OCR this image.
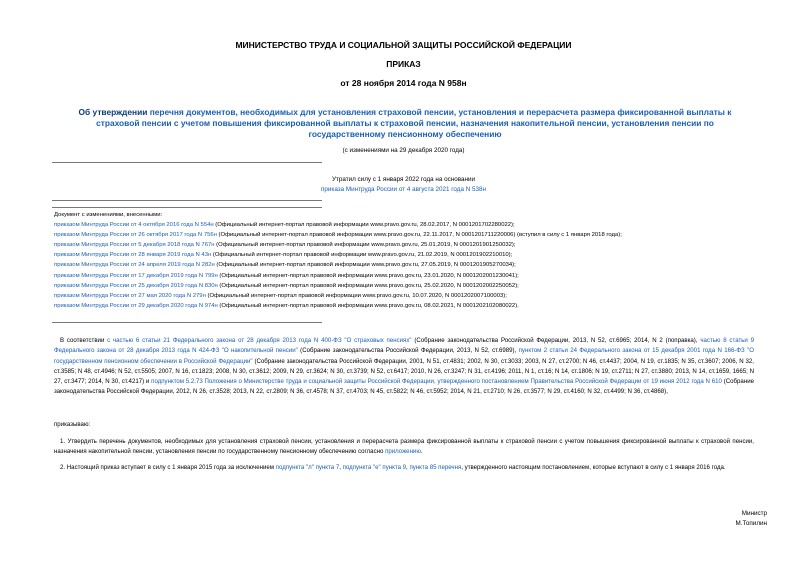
МИНИСТЕРСТВО ТРУДА И СОЦИАЛЬНОЙ ЗАЩИТЫ РОССИЙСКОЙ ФЕДЕРАЦИИ
ПРИКАЗ
от 28 ноября 2014 года N 958н
Об утверждении перечня документов, необходимых для установления страховой пенсии, установления и перерасчета размера фиксированной выплаты к страховой пенсии с учетом повышения фиксированной выплаты к страховой пенсии, назначения накопительной пенсии, установления пенсии по государственному пенсионному обеспечению
(с изменениями на 29 декабря 2020 года)
Утратил силу с 1 января 2022 года на основании
приказа Минтруда России от 4 августа 2021 года N 538н
Документ с изменениями, внесенными:
приказом Минтруда России от 4 октября 2016 года N 554н (Официальный интернет-портал правовой информации www.pravo.gov.ru, 28.02.2017, N 0001201702280022);
приказом Минтруда России от 26 октября 2017 года N 756н (Официальный интернет-портал правовой информации www.pravo.gov.ru, 22.11.2017, N 0001201711220006) (вступил в силу с 1 января 2018 года);
приказом Минтруда России от 5 декабря 2018 года N 767н (Официальный интернет-портал правовой информации www.pravo.gov.ru, 25.01.2019, N 0001201901250032);
приказом Минтруда России от 28 января 2019 года N 43н (Официальный интернет-портал правовой информации www.pravo.gov.ru, 21.02.2019, N 0001201902210010);
приказом Минтруда России от 24 апреля 2019 года N 282н (Официальный интернет-портал правовой информации www.pravo.gov.ru, 27.05.2019, N 0001201905270034);
приказом Минтруда России от 17 декабря 2019 года N 799н (Официальный интернет-портал правовой информации www.pravo.gov.ru, 23.01.2020, N 0001202001230041);
приказом Минтруда России от 25 декабря 2019 года N 830н (Официальный интернет-портал правовой информации www.pravo.gov.ru, 25.02.2020, N 0001202002250052);
приказом Минтруда России от 27 мая 2020 года N 279н (Официальный интернет-портал правовой информации www.pravo.gov.ru, 10.07.2020, N 0001202007100003);
приказом Минтруда России от 29 декабря 2020 года N 974н (Официальный интернет-портал правовой информации www.pravo.gov.ru, 08.02.2021, N 0001202102080022).
В соответствии с частью 6 статьи 21 Федерального закона от 28 декабря 2013 года N 400-ФЗ "О страховых пенсиях" (Собрание законодательства Российской Федерации, 2013, N 52, ст.6965; 2014, N 2 (поправка), частью 8 статьи 9 Федерального закона от 28 декабря 2013 года N 424-ФЗ "О накопительной пенсии" (Собрание законодательства Российской Федерации, 2013, N 52, ст.6989), пунктом 2 статьи 24 Федерального закона от 15 декабря 2001 года N 166-ФЗ "О государственном пенсионном обеспечении в Российской Федерации" (Собрание законодательства Российской Федерации, 2001, N 51, ст.4831; 2002, N 30, ст.3033; 2003, N 27, ст.2700; N 46, ст.4437; 2004, N 19, ст.1835; N 35, ст.3607; 2006, N 32, ст.3585; N 48, ст.4946; N 52, ст.5505; 2007, N 16, ст.1823; 2008, N 30, ст.3612; 2009, N 29, ст.3624; N 30, ст.3739; N 52, ст.6417; 2010, N 26, ст.3247; N 31, ст.4196; 2011, N 1, ст.16; N 14, ст.1806; N 19, ст.2711; N 27, ст.3880; 2013, N 14, ст.1659, 1665; N 27, ст.3477; 2014, N 30, ст.4217) и подпунктом 5.2.73 Положения о Министерстве труда и социальной защиты Российской Федерации, утвержденного постановлением Правительства Российской Федерации от 19 июня 2012 года N 610 (Собрание законодательства Российской Федерации, 2012, N 26, ст.3528; 2013, N 22, ст.2809; N 36, ст.4578; N 37, ст.4703; N 45, ст.5822; N 46, ст.5952; 2014, N 21, ст.2710; N 26, ст.3577; N 29, ст.4160; N 32, ст.4499; N 36, ст.4868),
приказываю:
1. Утвердить перечень документов, необходимых для установления страховой пенсии, установления и перерасчета размера фиксированной выплаты к страховой пенсии с учетом повышения фиксированной выплаты к страховой пенсии, назначения накопительной пенсии, установления пенсии по государственному пенсионному обеспечению согласно приложению.
2. Настоящий приказ вступает в силу с 1 января 2015 года за исключением подпункта "л" пункта 7, подпункта "е" пункта 9, пункта 85 перечня, утвержденного настоящим постановлением, которые вступают в силу с 1 января 2016 года.
Министр
М.Топилин
